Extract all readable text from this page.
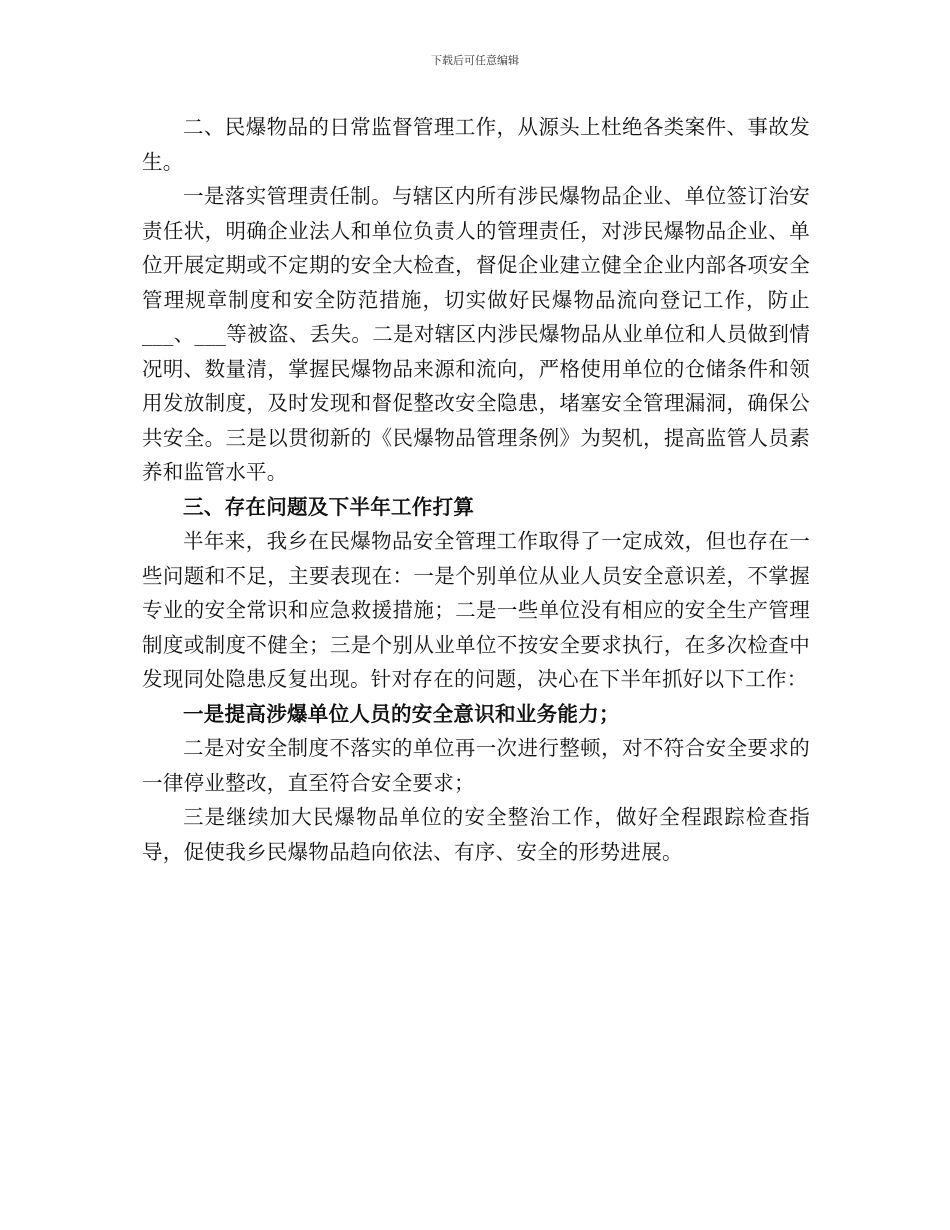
下载后可任意编辑

二、民爆物品的日常监督管理工作，从源头上杜绝各类案件、事故发生。

一是落实管理责任制。与辖区内所有涉民爆物品企业、单位签订治安责任状，明确企业法人和单位负责人的管理责任，对涉民爆物品企业、单位开展定期或不定期的安全大检查，督促企业建立健全企业内部各项安全管理规章制度和安全防范措施，切实做好民爆物品流向登记工作，防止___、___等被盗、丢失。二是对辖区内涉民爆物品从业单位和人员做到情况明、数量清，掌握民爆物品来源和流向，严格使用单位的仓储条件和领用发放制度，及时发现和督促整改安全隐患，堵塞安全管理漏洞，确保公共安全。三是以贯彻新的《民爆物品管理条例》为契机，提高监管人员素养和监管水平。

三、存在问题及下半年工作打算

半年来，我乡在民爆物品安全管理工作取得了一定成效，但也存在一些问题和不足，主要表现在：一是个别单位从业人员安全意识差，不掌握专业的安全常识和应急救援措施；二是一些单位没有相应的安全生产管理制度或制度不健全；三是个别从业单位不按安全要求执行，在多次检查中发现同处隐患反复出现。针对存在的问题，决心在下半年抓好以下工作：

一是提高涉爆单位人员的安全意识和业务能力；

二是对安全制度不落实的单位再一次进行整顿，对不符合安全要求的一律停业整改，直至符合安全要求；

三是继续加大民爆物品单位的安全整治工作，做好全程跟踪检查指导，促使我乡民爆物品趋向依法、有序、安全的形势进展。
